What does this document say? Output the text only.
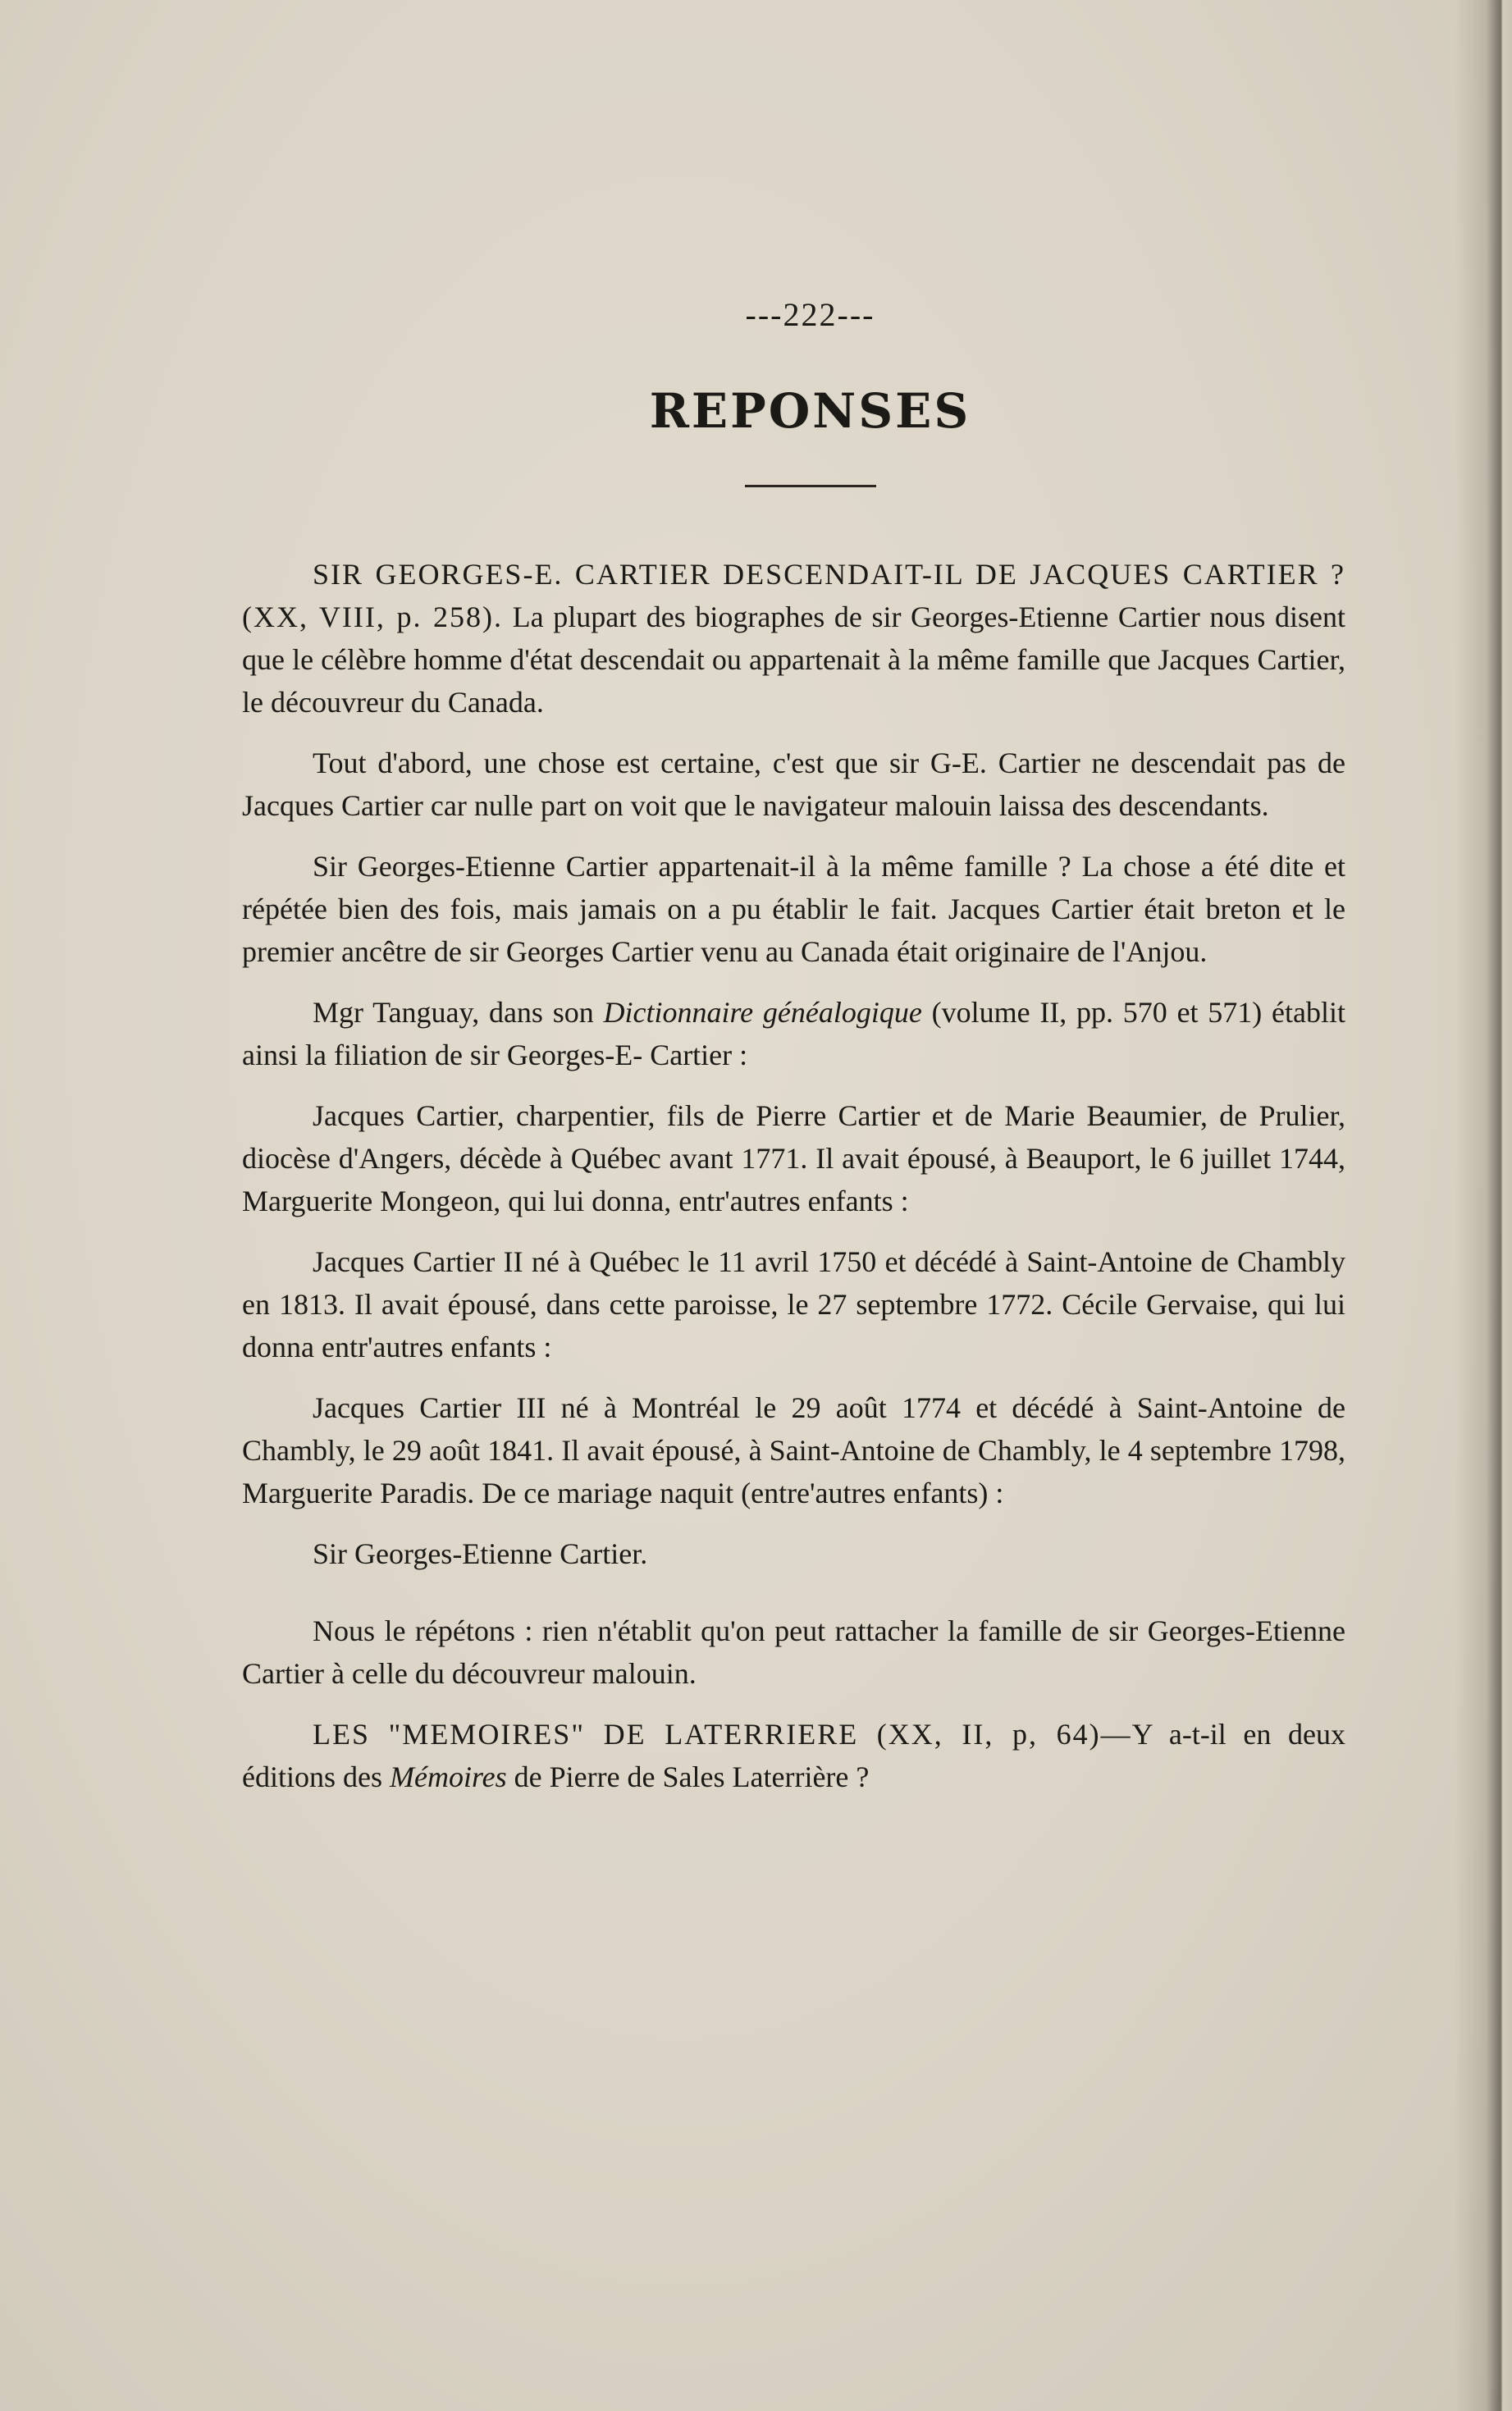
---222---
REPONSES

SIR GEORGES-E. CARTIER DESCENDAIT-IL DE JACQUES CARTIER ? (XX, VIII, p. 258). La plupart des biographes de sir Georges-Etienne Cartier nous disent que le célèbre homme d'état descendait ou appartenait à la même famille que Jacques Cartier, le découvreur du Canada.

Tout d'abord, une chose est certaine, c'est que sir G-E. Cartier ne descendait pas de Jacques Cartier car nulle part on voit que le navigateur malouin laissa des descendants.

Sir Georges-Etienne Cartier appartenait-il à la même famille ? La chose a été dite et répétée bien des fois, mais jamais on a pu établir le fait. Jacques Cartier était breton et le premier ancêtre de sir Georges Cartier venu au Canada était originaire de l'Anjou.

Mgr Tanguay, dans son Dictionnaire généalogique (volume II, pp. 570 et 571) établit ainsi la filiation de sir Georges-E- Cartier :

Jacques Cartier, charpentier, fils de Pierre Cartier et de Marie Beaumier, de Prulier, diocèse d'Angers, décède à Québec avant 1771. Il avait épousé, à Beauport, le 6 juillet 1744, Marguerite Mongeon, qui lui donna, entr'autres enfants :

Jacques Cartier II né à Québec le 11 avril 1750 et décédé à Saint-Antoine de Chambly en 1813. Il avait épousé, dans cette paroisse, le 27 septembre 1772. Cécile Gervaise, qui lui donna entr'autres enfants :

Jacques Cartier III né à Montréal le 29 août 1774 et décédé à Saint-Antoine de Chambly, le 29 août 1841. Il avait épousé, à Saint-Antoine de Chambly, le 4 septembre 1798, Marguerite Paradis. De ce mariage naquit (entre'autres enfants) :

Sir Georges-Etienne Cartier.

Nous le répétons : rien n'établit qu'on peut rattacher la famille de sir Georges-Etienne Cartier à celle du découvreur malouin.

LES "MEMOIRES" DE LATERRIERE (XX, II, p, 64)—Y a-t-il en deux éditions des Mémoires de Pierre de Sales Laterrière ?
